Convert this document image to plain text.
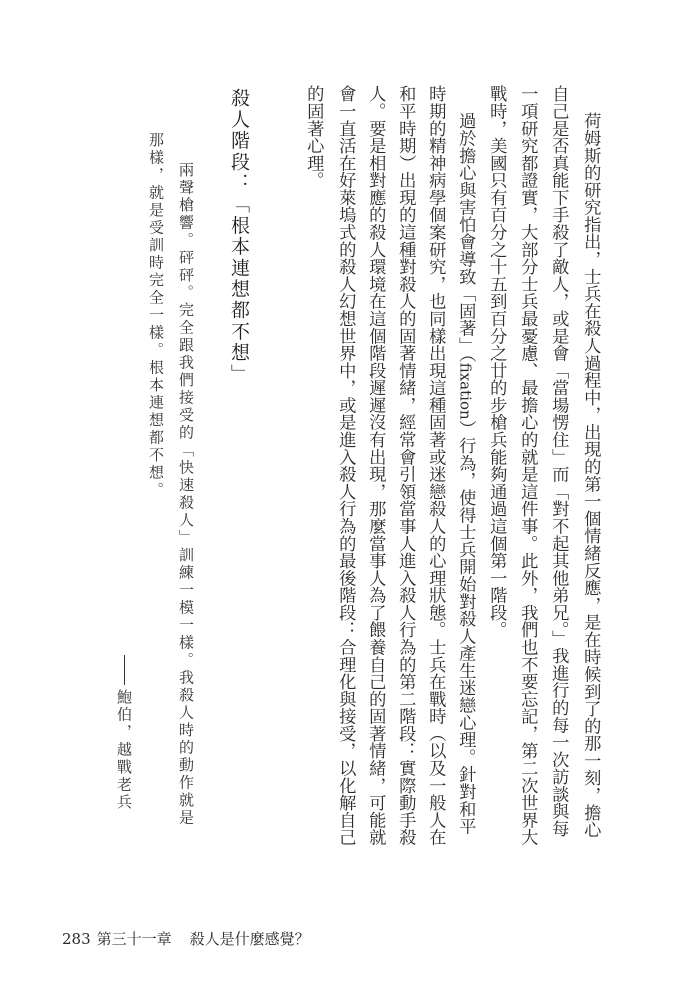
荷姆斯的研究指出，士兵在殺人過程中，出現的第一個情緒反應，是在時候到了的那一刻，擔心
自己是否真能下手殺了敵人，或是會「當場愣住」而「對不起其他弟兄。」我進行的每一次訪談與每
一項研究都證實，大部分士兵最憂慮、最擔心的就是這件事。此外，我們也不要忘記，第二次世界大
戰時，美國只有百分之十五到百分之廿的步槍兵能夠通過這個第一階段。
過於擔心與害怕會導致「固著」（fixation）行為，使得士兵開始對殺人產生迷戀心理。針對和平
時期的精神病學個案研究，也同樣出現這種固著或迷戀殺人的心理狀態。士兵在戰時（以及一般人在
和平時期）出現的這種對殺人的固著情緒，經常會引領當事人進入殺人行為的第二階段：實際動手殺
人。要是相對應的殺人環境在這個階段遲遲沒有出現，那麼當事人為了餵養自己的固著情緒，可能就
會一直活在好萊塢式的殺人幻想世界中，或是進入殺人行為的最後階段：合理化與接受，以化解自己
的固著心理。
殺人階段：「根本連想都不想」
兩聲槍響。砰砰。完全跟我們接受的「快速殺人」訓練一模一樣。我殺人時的動作就是
那樣，就是受訓時完全一樣。根本連想都不想。
鮑伯，越戰老兵
283 第三十一章 殺人是什麼感覺？
